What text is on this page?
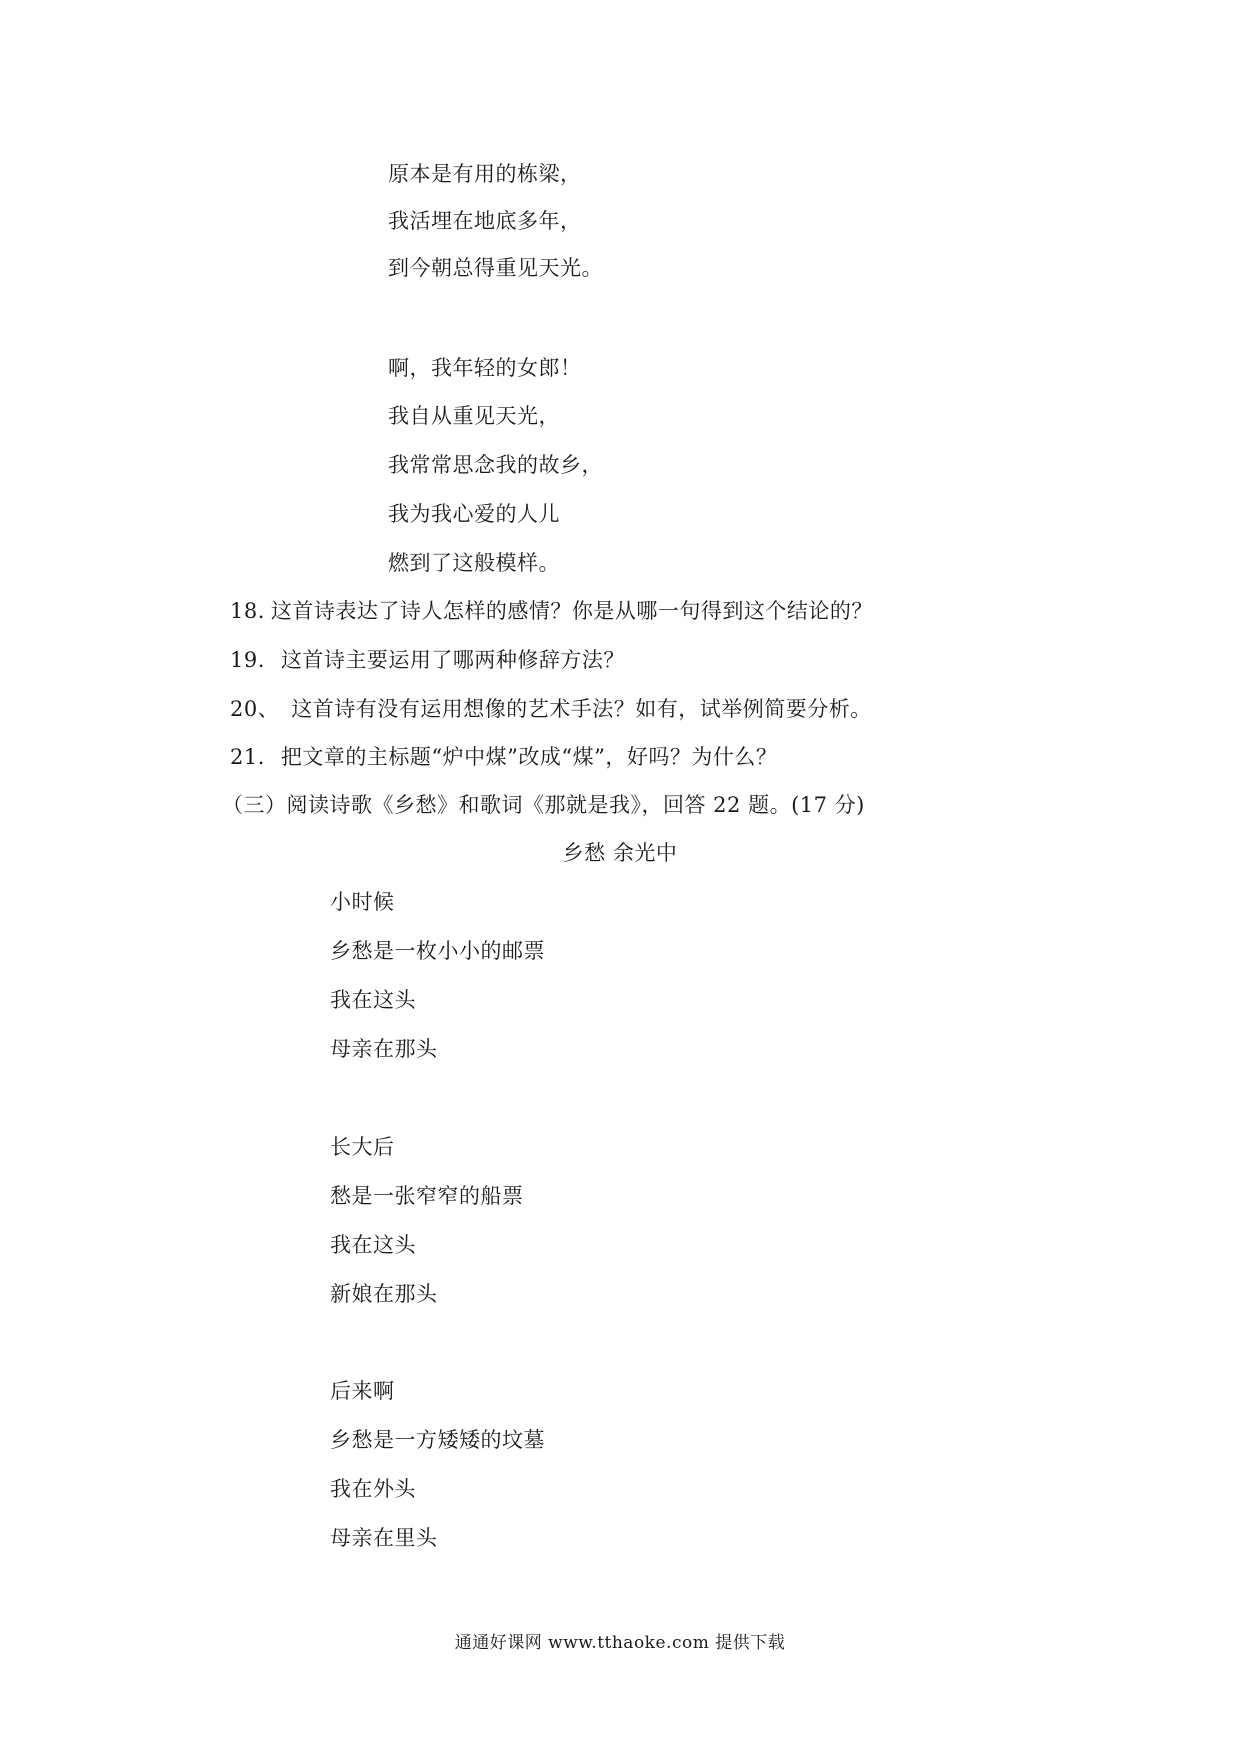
原本是有用的栋梁，
我活埋在地底多年，
到今朝总得重见天光。
啊，我年轻的女郎！
我自从重见天光，
我常常思念我的故乡，
我为我心爱的人儿
燃到了这般模样。
18. 这首诗表达了诗人怎样的感情？你是从哪一句得到这个结论的？
19. 这首诗主要运用了哪两种修辞方法？
20、 这首诗有没有运用想像的艺术手法？如有，试举例简要分析。
21. 把文章的主标题“炉中煤”改成“煤”，好吗？为什么？
（三）阅读诗歌《乡愁》和歌词《那就是我》，回答 22 题。(17 分)
乡愁 余光中
小时候
乡愁是一枚小小的邮票
我在这头
母亲在那头
长大后
愁是一张窄窄的船票
我在这头
新娘在那头
后来啊
乡愁是一方矮矮的坟墓
我在外头
母亲在里头
通通好课网 www.tthaoke.com 提供下载
